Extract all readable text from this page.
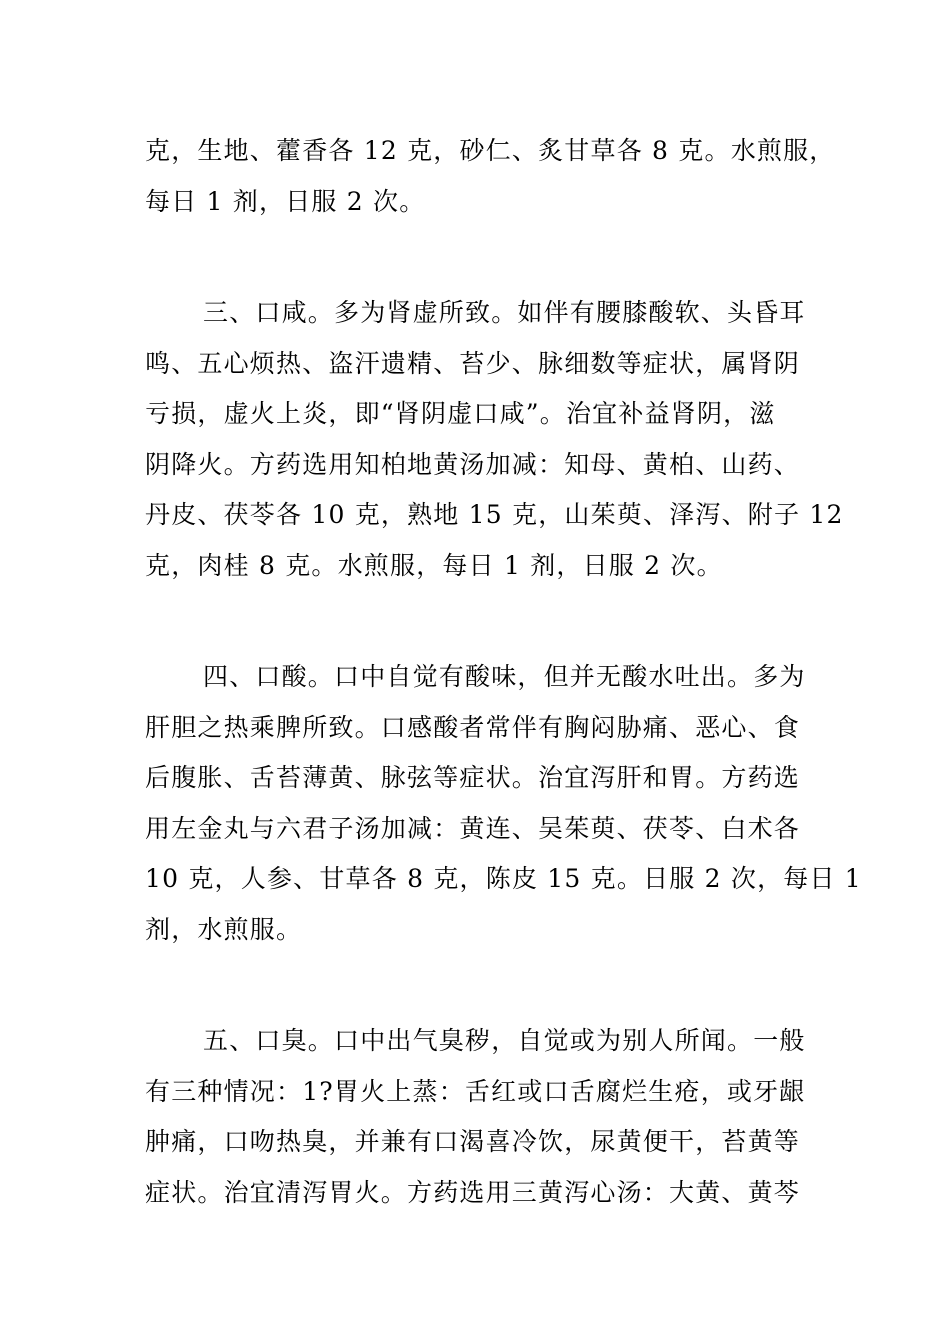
克，生地、藿香各 12 克，砂仁、炙甘草各 8 克。水煎服，
每日 1 剂，日服 2 次。
三、口咸。多为肾虚所致。如伴有腰膝酸软、头昏耳
鸣、五心烦热、盗汗遗精、苔少、脉细数等症状，属肾阴
亏损，虚火上炎，即“肾阴虚口咸”。治宜补益肾阴，滋
阴降火。方药选用知柏地黄汤加减：知母、黄柏、山药、
丹皮、茯苓各 10 克，熟地 15 克，山茱萸、泽泻、附子 12
克，肉桂 8 克。水煎服，每日 1 剂，日服 2 次。
四、口酸。口中自觉有酸味，但并无酸水吐出。多为
肝胆之热乘脾所致。口感酸者常伴有胸闷胁痛、恶心、食
后腹胀、舌苔薄黄、脉弦等症状。治宜泻肝和胃。方药选
用左金丸与六君子汤加减：黄连、吴茱萸、茯苓、白术各
10 克，人参、甘草各 8 克，陈皮 15 克。日服 2 次，每日 1
剂，水煎服。
五、口臭。口中出气臭秽，自觉或为别人所闻。一般
有三种情况：1?胃火上蒸：舌红或口舌腐烂生疮，或牙龈
肿痛，口吻热臭，并兼有口渴喜冷饮，尿黄便干，苔黄等
症状。治宜清泻胃火。方药选用三黄泻心汤：大黄、黄芩
